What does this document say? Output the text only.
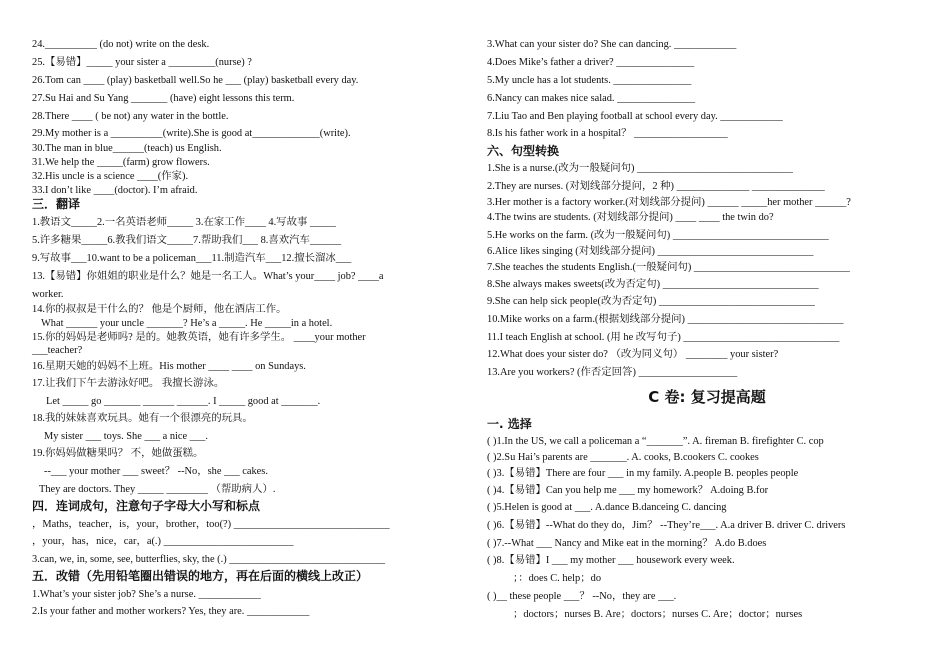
24.__________ (do not) write on the desk.
25.【易错】_____ your sister a _________(nurse) ?
26.Tom can ____ (play) basketball well.So he ___ (play) basketball every day.
27.Su Hai and Su Yang _______ (have) eight lessons this term.
28.There ____ ( be not) any water in the bottle.
29.My mother is a __________(write).She is good at_____________(write).
30.The man in blue______(teach) us English.
31.We help the _____(farm) grow flowers.
32.His uncle is a science ____(作家).
33.I don’t like ____(doctor). I’m afraid.
三．翻译
1.教语文_____2.一名英语老师_____ 3.在家工作____ 4.写故事 _____
5.许多糖果_____6.教我们语文_____7.帮助我们___ 8.喜欢汽车______
9.写故事___10.want to be a policeman___11.制造汽车___12.擅长溜冰___
13.【易错】你姐姐的职业是什么？她是一名工人。What’s your____ job? ____a
worker.
14.你的叔叔是干什么的？ 他是个厨师，他在酒店工作。
What ______ your uncle _______? He’s a _____. He _____in a hotel.
15.你的妈妈是老师吗? 是的。她教英语，她有许多学生。 ____your mother
___teacher?
16.星期天她的妈妈不上班。His mother ____ ____ on Sundays.
17.让我们下午去游泳好吧。 我擅长游泳。
Let _____ go _______ ______ ______. I _____ good at _______.
18.我的妹妹喜欢玩具。她有一个很漂亮的玩具。
My sister ___ toys. She ___ a nice ___.
19.你妈妈做糖果吗？ 不，她做蛋糕。
--___ your mother ___ sweet？ --No，she ___ cakes.
They are doctors. They _____ ________ （帮助病人）.
四．连词成句，注意句子字母大小写和标点
，Maths，teacher，is，your，brother，too(?) ______________________________
，your，has，nice，car，a(.) _________________________
3.can, we, in, some, see, butterflies, sky, the (.) ______________________________
五．改错（先用铅笔圈出错误的地方，再在后面的横线上改正）
1.What’s your sister job? She’s a nurse. ____________
2.Is your father and mother workers? Yes, they are. ____________
3.What can your sister do? She can dancing. ____________
4.Does Mike’s father a driver? _______________
5.My uncle has a lot students. _______________
6.Nancy can makes nice salad. _______________
7.Liu Tao and Ben playing football at school every day. ____________
8.Is his father work in a hospital？ __________________
六、句型转换
1.She is a nurse.(改为一般疑问句) ______________________________
2.They are nurses. (对划线部分提问，2 种) ______________ ______________
3.Her mother is a factory worker.(对划线部分提问) ______ _____her mother ______?
4.The twins are students. (对划线部分提问) ____ ____ the twin do?
5.He works on the farm. (改为一般疑问句) ______________________________
6.Alice likes singing (对划线部分提问) ______________________________
7.She teaches the students English.(一般疑问句) ______________________________
8.She always makes sweets(改为否定句) ______________________________
9.She can help sick people(改为否定句) ______________________________
10.Mike works on a farm.(根据划线部分提问) ______________________________
11.I teach English at school. (用 he 改写句子) ______________________________
12.What does your sister do? （改为同义句） ________ your sister?
13.Are you workers? (作否定回答) ___________________
C 卷: 复习提高题
一. 选择
( )1.In the US, we call a policeman a “_______”. A. fireman B. firefighter C. cop
( )2.Su Hai’s parents are _______. A. cooks, B.cookers C. cookes
( )3.【易错】There are four ___ in my family. A.people B. peoples people
( )4.【易错】Can you help me ___ my homework？ A.doing B.for
( )5.Helen is good at ___. A.dance B.danceing C. dancing
( )6.【易错】--What do they do，Jim？ --They’re___. A.a driver B. driver C. drivers
( )7.--What ___ Nancy and Mike eat in the morning？ A.do B.does
( )8.【易错】I ___ my mother ___ housework every week.
；：does C. help；do
( )__ these people ___？ --No，they are ___.
；doctors；nurses B. Are；doctors；nurses C. Are；doctor；nurses
